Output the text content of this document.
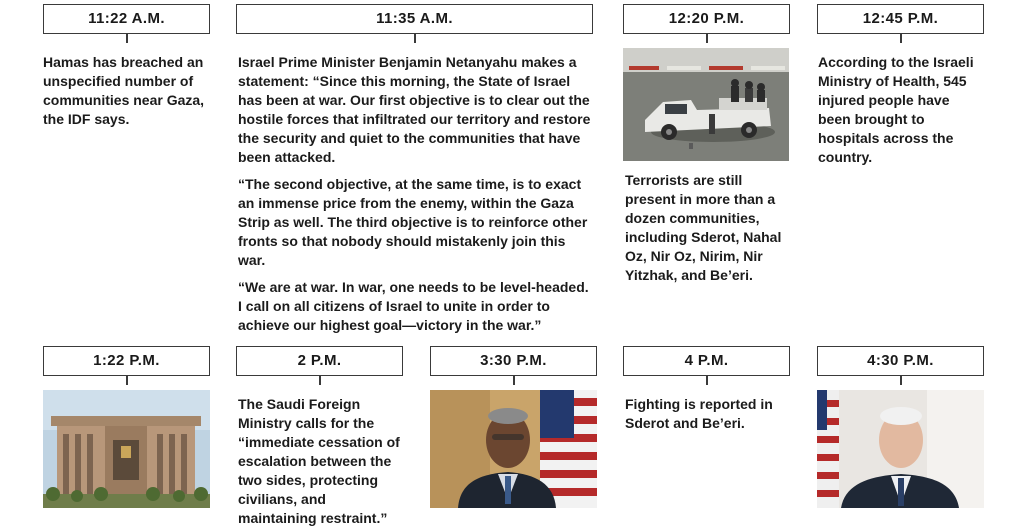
11:22 A.M.

Hamas has breached an unspecified number of communities near Gaza, the IDF says.

11:35 A.M.

Israel Prime Minister Benjamin Netanyahu makes a statement: “Since this morning, the State of Israel has been at war. Our first objective is to clear out the hostile forces that infiltrated our territory and restore the security and quiet to the communities that have been attacked.

“The second objective, at the same time, is to exact an immense price from the enemy, within the Gaza Strip as well. The third objective is to reinforce other fronts so that nobody should mistakenly join this war.

“We are at war. In war, one needs to be level-headed. I call on all citizens of Israel to unite in order to achieve our highest goal—victory in the war.”

12:20 P.M.

Terrorists are still present in more than a dozen communities, including Sderot, Nahal Oz, Nir Oz, Nirim, Nir Yitzhak, and Be’eri.

12:45 P.M.

According to the Israeli Ministry of Health, 545 injured people have been brought to hospitals across the country.

1:22 P.M.	2 P.M.

The Saudi Foreign Ministry calls for the “immediate cessation of escalation between the two sides, protecting civilians, and maintaining restraint.”

3:30 P.M.	4 P.M.

Fighting is reported in Sderot and Be’eri.

4:30 P.M.
